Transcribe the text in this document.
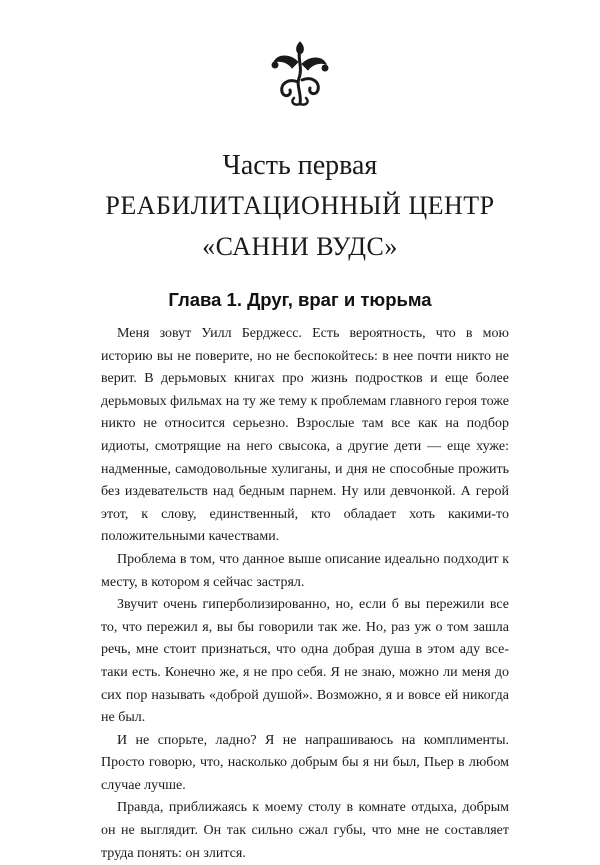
Часть первая
РЕАБИЛИТАЦИОННЫЙ ЦЕНТР
«САННИ ВУДС»
Глава 1. Друг, враг и тюрьма

Меня зовут Уилл Берджесс. Есть вероятность, что в мою историю вы не поверите, но не беспокойтесь: в нее почти никто не верит. В дерьмовых книгах про жизнь подростков и еще более дерьмовых фильмах на ту же тему к проблемам главного героя тоже никто не относится серьезно. Взрослые там все как на подбор идиоты, смотрящие на него свысока, а другие дети — еще хуже: надменные, самодовольные хулиганы, и дня не способные прожить без издевательств над бедным парнем. Ну или девчонкой. А герой этот, к слову, единственный, кто обладает хоть какими-то положительными качествами.

Проблема в том, что данное выше описание идеально подходит к месту, в котором я сейчас застрял.

Звучит очень гиперболизированно, но, если б вы пережили все то, что пережил я, вы бы говорили так же. Но, раз уж о том зашла речь, мне стоит признаться, что одна добрая душа в этом аду все-таки есть. Конечно же, я не про себя. Я не знаю, можно ли меня до сих пор называть «доброй душой». Возможно, я и вовсе ей никогда не был.

И не спорьте, ладно? Я не напрашиваюсь на комплименты. Просто говорю, что, насколько добрым бы я ни был, Пьер в любом случае лучше.

Правда, приближаясь к моему столу в комнате отдыха, добрым он не выглядит. Он так сильно сжал губы, что мне не составляет труда понять: он злится.
